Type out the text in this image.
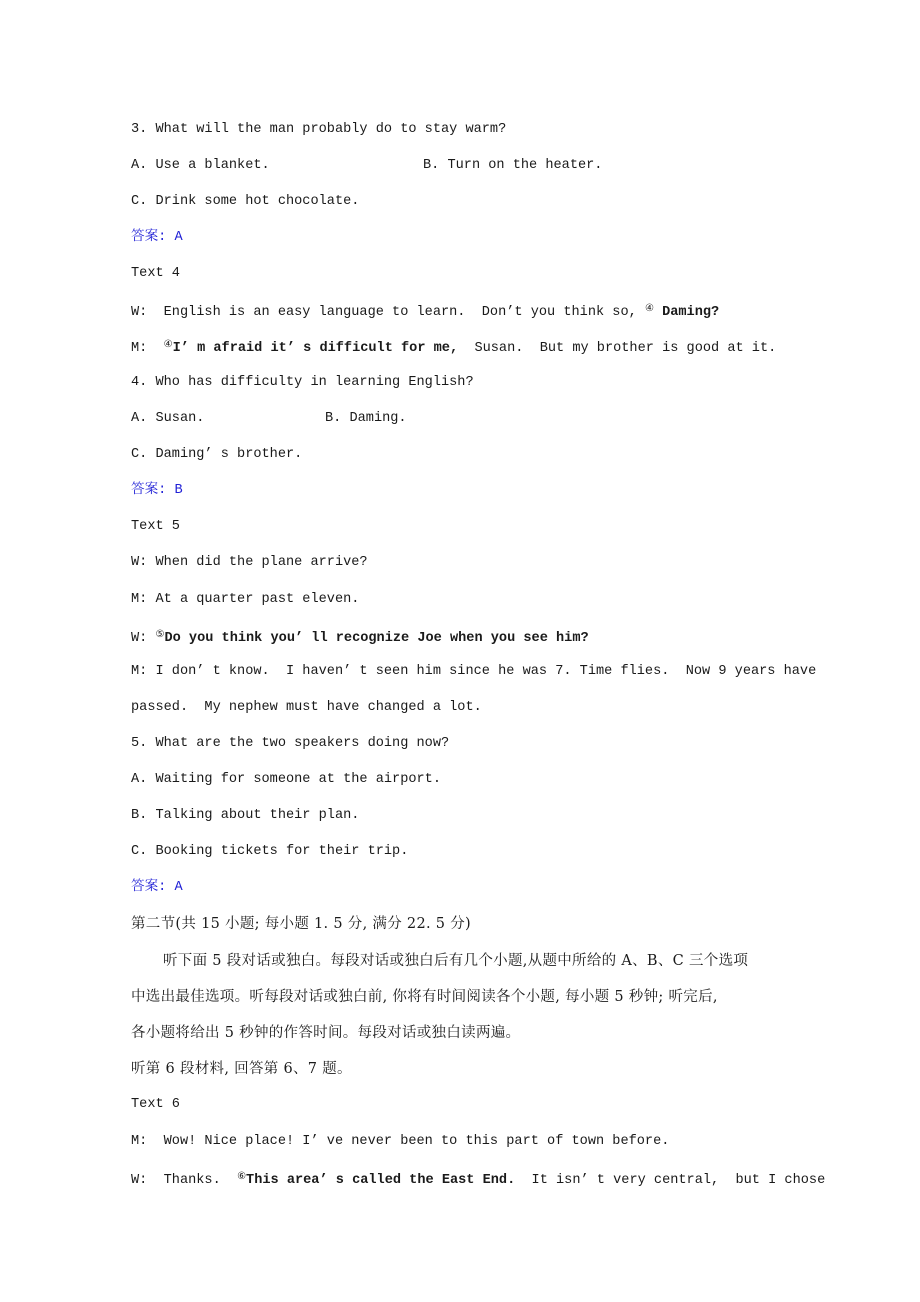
3. What will the man probably do to stay warm?
A. Use a blanket.	B. Turn on the heater.
C. Drink some hot chocolate.
答案: A
Text 4
W:  English is an easy language to learn.  Don’t you think so, ④ Daming?
M:  ④I’ m afraid it’ s difficult for me,  Susan.  But my brother is good at it.
4. Who has difficulty in learning English?
A. Susan.	B. Daming.
C. Daming’ s brother.
答案: B
Text 5
W: When did the plane arrive?
M: At a quarter past eleven.
W: ⑤Do you think you’ ll recognize Joe when you see him?
M: I don’ t know.  I haven’ t seen him since he was 7. Time flies.  Now 9 years have
passed.  My nephew must have changed a lot.
5. What are the two speakers doing now?
A. Waiting for someone at the airport.
B. Talking about their plan.
C. Booking tickets for their trip.
答案: A
第二节(共 15 小题; 每小题 1. 5 分, 满分 22. 5 分)
听下面 5 段对话或独白。每段对话或独白后有几个小题,从题中所给的 A、B、C 三个选项
中选出最佳选项。听每段对话或独白前, 你将有时间阅读各个小题, 每小题 5 秒钟; 听完后,
各小题将给出 5 秒钟的作答时间。每段对话或独白读两遍。
听第 6 段材料, 回答第 6、7 题。
Text 6
M:  Wow! Nice place! I’ ve never been to this part of town before.
W:  Thanks.  ⑥This area’ s called the East End.  It isn’ t very central,  but I chose
